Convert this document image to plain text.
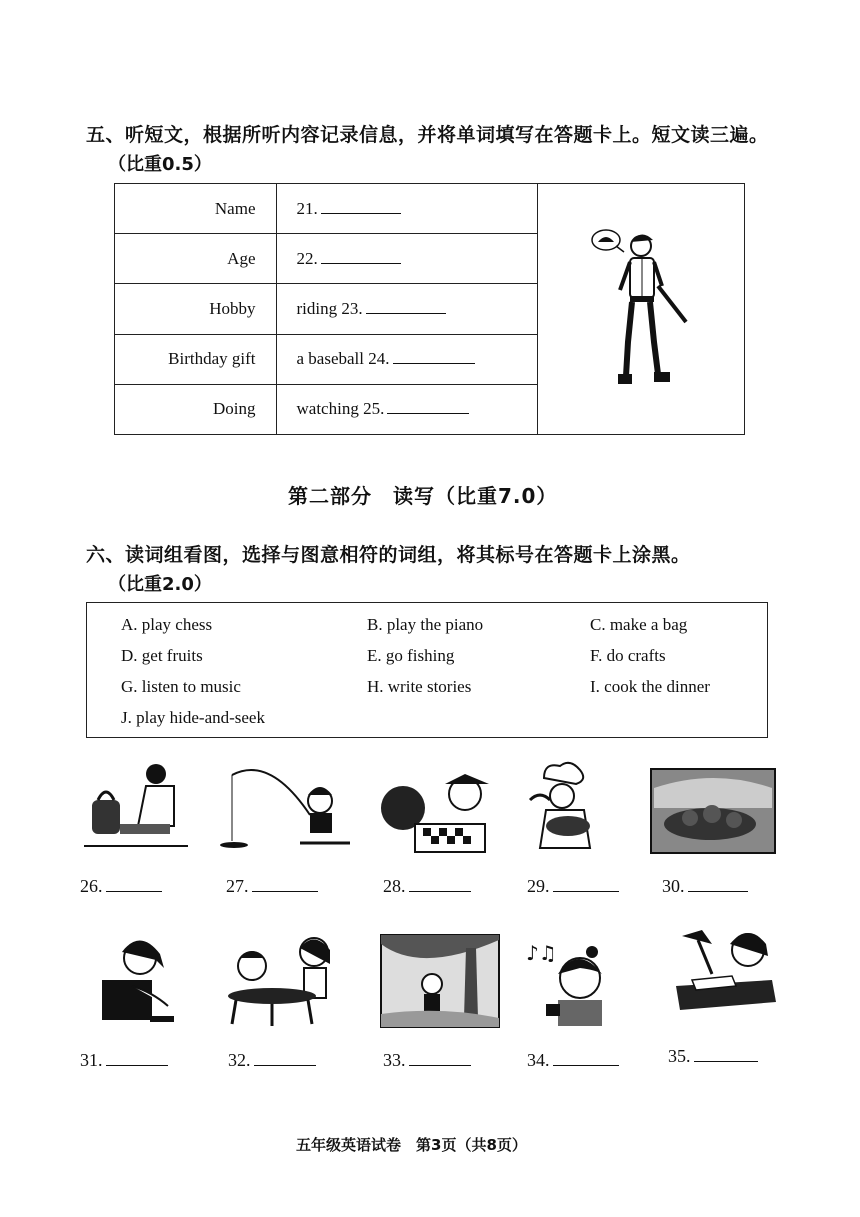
五、听短文，根据所听内容记录信息，并将单词填写在答题卡上。短文读三遍。
（比重0.5）
Name	21.	
Age	22.	
Hobby	riding 23.	
Birthday gift	a baseball 24.	
Doing	watching 25.	
第二部分　读写（比重7.0）
六、读词组看图，选择与图意相符的词组，将其标号在答题卡上涂黑。
（比重2.0）
A. play chess	B. play the piano	C. make a bag
D. get fruits	E. go fishing	F. do crafts
G. listen to music	H. write stories	I. cook the dinner
J. play hide-and-seek
26.	27.	28.	29.	30.
♪♫
31.	32.	33.	34.	35.
五年级英语试卷　第3页（共8页）
